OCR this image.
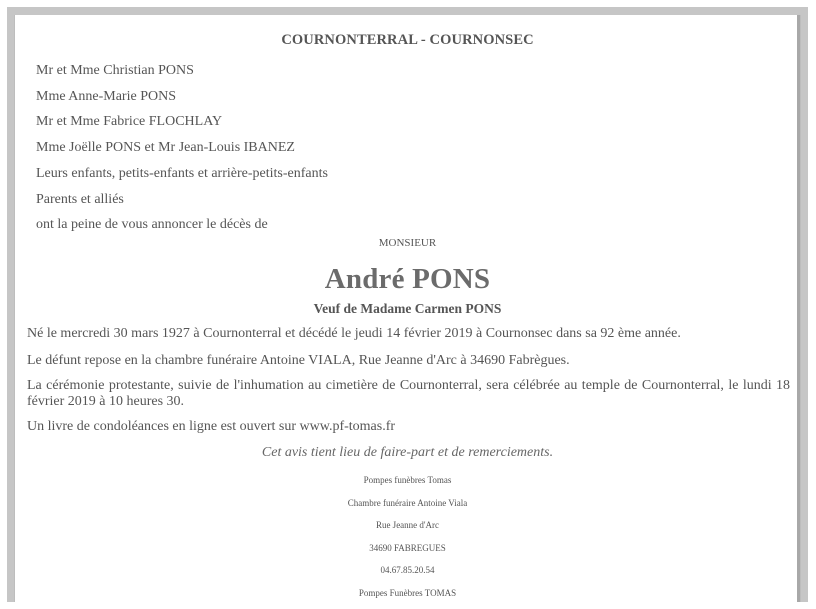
COURNONTERRAL - COURNONSEC
Mr et Mme Christian PONS
Mme Anne-Marie PONS
Mr et Mme Fabrice FLOCHLAY
Mme Joëlle PONS et Mr Jean-Louis IBANEZ
Leurs enfants, petits-enfants et arrière-petits-enfants
Parents et alliés
ont la peine de vous annoncer le décès de
MONSIEUR
André PONS
Veuf de Madame Carmen PONS
Né le mercredi 30 mars 1927 à Cournonterral et décédé le jeudi 14 février 2019 à Cournonsec dans sa 92 ème année.
Le défunt repose en la chambre funéraire Antoine VIALA, Rue Jeanne d'Arc à 34690 Fabrègues.
La cérémonie protestante, suivie de l'inhumation au cimetière de Cournonterral, sera célébrée au temple de Cournonterral, le lundi 18 février 2019 à 10 heures 30.
Un livre de condoléances en ligne est ouvert sur www.pf-tomas.fr
Cet avis tient lieu de faire-part et de remerciements.
Pompes funèbres Tomas
Chambre funéraire Antoine Viala
Rue Jeanne d'Arc
34690 FABREGUES
04.67.85.20.54
Pompes Funèbres TOMAS
